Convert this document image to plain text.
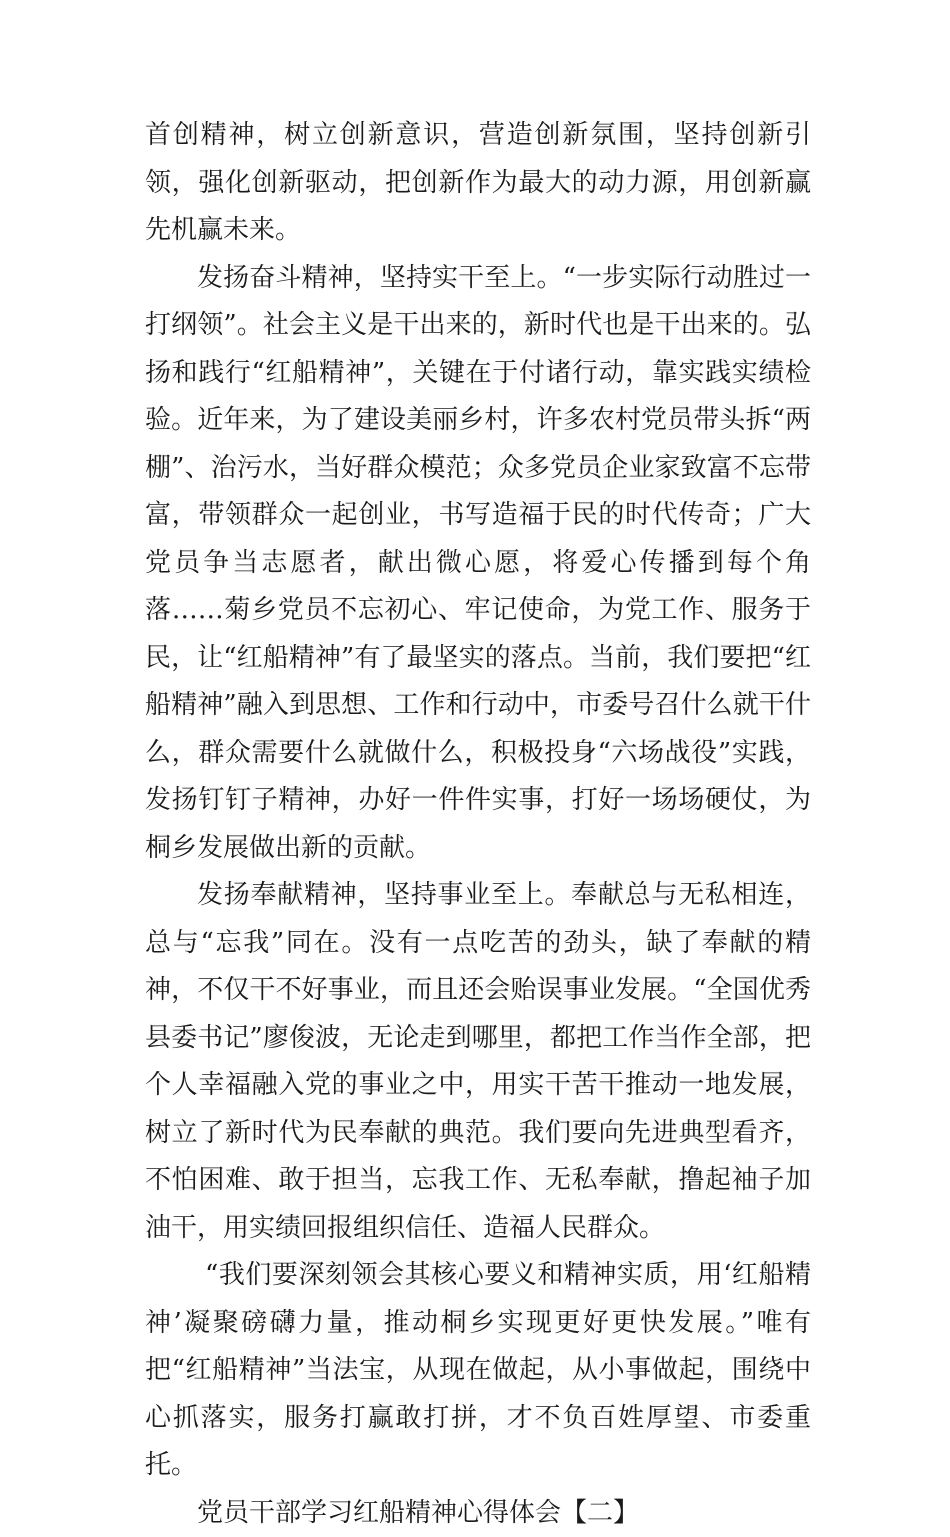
首创精神，树立创新意识，营造创新氛围，坚持创新引领，强化创新驱动，把创新作为最大的动力源，用创新赢先机赢未来。

发扬奋斗精神，坚持实干至上。“一步实际行动胜过一打纲领”。社会主义是干出来的，新时代也是干出来的。弘扬和践行“红船精神”，关键在于付诸行动，靠实践实绩检验。近年来，为了建设美丽乡村，许多农村党员带头拆“两棚”、治污水，当好群众模范；众多党员企业家致富不忘带富，带领群众一起创业，书写造福于民的时代传奇；广大党员争当志愿者，献出微心愿，将爱心传播到每个角落……菊乡党员不忘初心、牢记使命，为党工作、服务于民，让“红船精神”有了最坚实的落点。当前，我们要把“红船精神”融入到思想、工作和行动中，市委号召什么就干什么，群众需要什么就做什么，积极投身“六场战役”实践，发扬钉钉子精神，办好一件件实事，打好一场场硬仗，为桐乡发展做出新的贡献。

发扬奉献精神，坚持事业至上。奉献总与无私相连，总与“忘我”同在。没有一点吃苦的劲头，缺了奉献的精神，不仅干不好事业，而且还会贻误事业发展。“全国优秀县委书记”廖俊波，无论走到哪里，都把工作当作全部，把个人幸福融入党的事业之中，用实干苦干推动一地发展，树立了新时代为民奉献的典范。我们要向先进典型看齐，不怕困难、敢于担当，忘我工作、无私奉献，撸起袖子加油干，用实绩回报组织信任、造福人民群众。

“我们要深刻领会其核心要义和精神实质，用‘红船精神’凝聚磅礴力量，推动桐乡实现更好更快发展。”唯有把“红船精神”当法宝，从现在做起，从小事做起，围绕中心抓落实，服务打赢敢打拼，才不负百姓厚望、市委重托。

党员干部学习红船精神心得体会【二】
